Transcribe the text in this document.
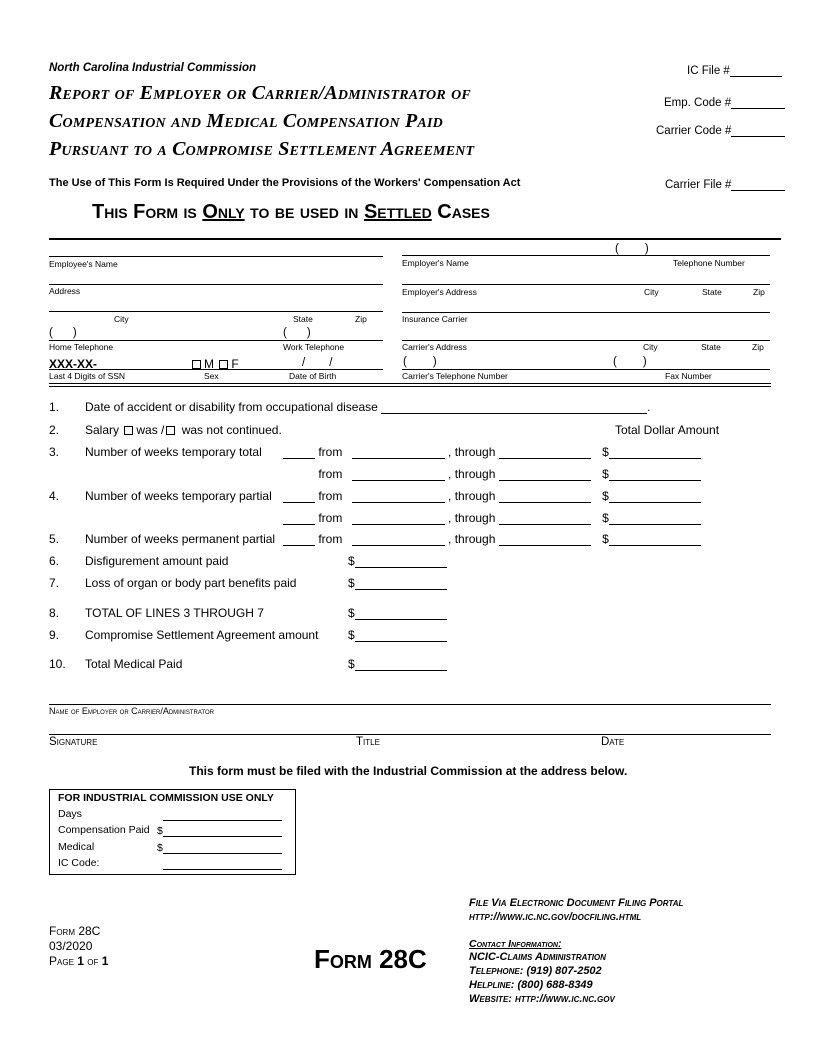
North Carolina Industrial Commission
Report of Employer or Carrier/Administrator of
Compensation and Medical Compensation Paid
Pursuant to a Compromise Settlement Agreement
The Use of This Form Is Required Under the Provisions of the Workers' Compensation Act
This Form is Only to be used in Settled Cases
IC File #
Emp. Code #
Carrier Code #
Carrier File #
Employee's Name
Address
City	State	Zip
( )	( )
Home Telephone	Work Telephone
XXX-XX-	M F	/ /
Last 4 Digits of SSN	Sex	Date of Birth
( )
Employer's Name	Telephone Number
Employer's Address	City	State	Zip
Insurance Carrier
Carrier's Address	City	State	Zip
( )	( )
Carrier's Telephone Number	Fax Number
1. Date of accident or disability from occupational disease	.
2. Salary was / was not continued.	Total Dollar Amount
3. Number of weeks temporary total	from	, through	$
from	, through	$
4. Number of weeks temporary partial	from	, through	$
from	, through	$
5. Number of weeks permanent partial	from	, through	$
6. Disfigurement amount paid	$
7. Loss of organ or body part benefits paid	$
8. TOTAL OF LINES 3 THROUGH 7	$
9. Compromise Settlement Agreement amount $
10. Total Medical Paid	$
Name of Employer or Carrier/Administrator
Signature	Title	Date
This form must be filed with the Industrial Commission at the address below.
FOR INDUSTRIAL COMMISSION USE ONLY
Days
Compensation Paid $
Medical	$
IC Code:
Form 28C
03/2020
Page 1 of 1	Form 28C
File Via Electronic Document Filing Portal
http://www.ic.nc.gov/docfiling.html
Contact Information:
NCIC-Claims Administration
Telephone: (919) 807-2502
Helpline: (800) 688-8349
Website: http://www.ic.nc.gov
